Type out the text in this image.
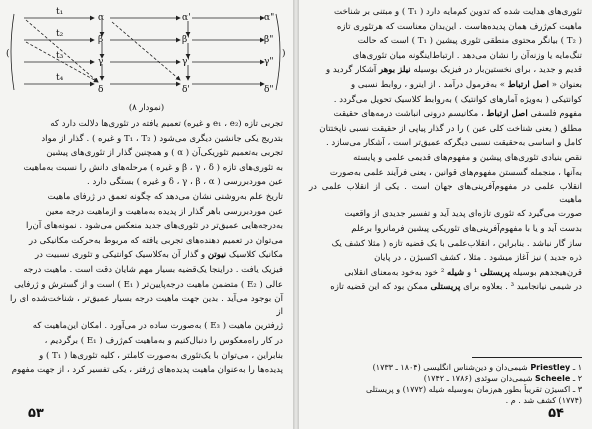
t₁
t₂
t₃
t₄
α
β
γ
δ
α'
β'
γ'
δ'
α"
β"
γ"
δ"
(	)
(نمودار ۸)

تجربی تازه (e₁ ، e₂ و غیره) تعمیم یافته در تئوری‌ها دلالت دارد که

بتدریج یکی جانشین دیگری می‌شود ( T₁ ، T₂ و غیره ) . گذار از مواد

تجربی به‌تعمیم تئوریکی‌آن ( α ) و همچنین گذار از تئوری‌های پیشین

به تئوری‌های تازه ( β ، γ ، δ و غیره ) مرحله‌های دانش را نسبت به‌ماهیت

عین موردبررسی ( δ ، γ ، β ، α و غیره ) بستگی دارد .

تاریخ علم به‌روشنی نشان می‌دهد که چگونه تعمق در ژرفای ماهیت

عین موردبررسی باهر گذار از پدیده به‌ماهیت و ازماهیت درجه معین

به‌درجه‌هایی عمیق‌تر در تئوری‌های جدید منعکس می‌شود . نمونه‌های آن‌را

می‌توان در تعمیم دهنده‌های تجربی یافته که مربوط به‌حرکت مکانیکی در

مکانیک کلاسیک نیوتن و گذار آن به‌کلاسیک کوانتیکی و تئوری نسبیت در

فیزیک یافت . دراینجا یک‌قضیه بسیار مهم شایان دقت است . ماهیت درجه

عالی ( E₂ ) متضمن ماهیت درجه‌پایین‌تر ( E₁ ) است و از گسترش و ژرفایی

آن بوجود می‌آید . بدین جهت ماهیت درجه بسیار عمیق‌تر ، شناخت‌شده ای را از

ژرفترین ماهیت ( E₃ ) به‌صورت ساده در می‌آورد . امکان این‌ماهیت که

در کار راه‌معکوس را دنبال‌کنیم و به‌ماهیت کم‌ژرف ( E₁ ) برگردیم ،

بنابراین ، می‌توان با یک‌تئوری به‌صورت کاملتر ، کلیه تئوری‌ها ( T₁ ) و

پدیده‌ها را به‌عنوان ماهیت پدیده‌های ژرفتر ، یکی تفسیر کرد ، از جهت مفهوم

۵۳

تئوری‌های هدایت شده که تدوین کم‌مایه دارد ( T₁ ) و مبتنی بر شناخت

ماهیت کم‌ژرف همان پدیده‌هاست . این‌بدان معناست که هرتئوری تازه

( T₂ ) بیانگر محتوی منطقی تئوری پیشین ( T₁ ) است که حالت

تنگ‌مایه یا وزنه‌آن را نشان می‌دهد . ارتباط‌اینگونه میان تئوری‌های

قدیم و جدید ، برای نخستین‌بار در فیزیک بوسیله نیلز بوهر آشکار گردید و

بعنوان « اصل ارتباط » به‌فرمول درآمد . از اینرو ، روابط نسبی و

کوانتیکی ( به‌ویژه آمارهای کوانتیک ) به‌روابط کلاسیک تحویل می‌گردد .

مفهوم فلسفی اصل ارتباط ، مکانیسم درونی انباشت درمه‌های حقیقت

مطلق ( یعنی شناخت کلی عین ) را در گذار پیاپی از حقیقت نسبی ناپختتان

کامل و اساسی به‌حقیقت نسبی دیگرکه عمیق‌تر است ، آشکار می‌سازد .

نقص بنیادی تئوری‌های پیشین و مفهوم‌های قدیمی علمی و پایسته

به‌آنها ، منجمله گسستن مفهوم‌های قوانین ، یعنی فرآیند علمی به‌صورت

انقلاب علمی در مفهوم‌آفرینی‌های جهان است . یکی از انقلاب علمی در ماهیت

صورت می‌گیرد که تئوری تازه‌ای پدید آید و تفسیر جدیدی از واقعیت

بدست آید و یا با مفهوم‌آفرینی‌های تئوریکی پیشین فرمانروا برعلم

ساز گار نباشد . بنابراین ، انقلاب‌علمی با یک قضیه تازه ( مثلا کشف یک

ذره جدید ) نیز آغاز میشود . مثلا ، کشف اکسیژن ، در پایان

قرن‌هیجدهم بوسیله پریستلی ¹ و شیله ² خود به‌خود به‌معنای انقلابی

در شیمی نیانجامید ³ . بعلاوه برای پریستلی ممکن بود که این قضیه تازه

۱ ـ Priestley شیمی‌دان و دین‌شناس انگلیسی (۱۸۰۴ ـ ۱۷۳۳)
۲ ـ Scheele شیمی‌دان سوئدی (۱۷۸۶ ـ ۱۷۴۲)
۳ ـ اکسیژن تقریباً بطور هم‌زمان به‌وسیله شیله (۱۷۷۲) و پریستلی
(۱۷۷۴) کشف شد . م .
۵۴
